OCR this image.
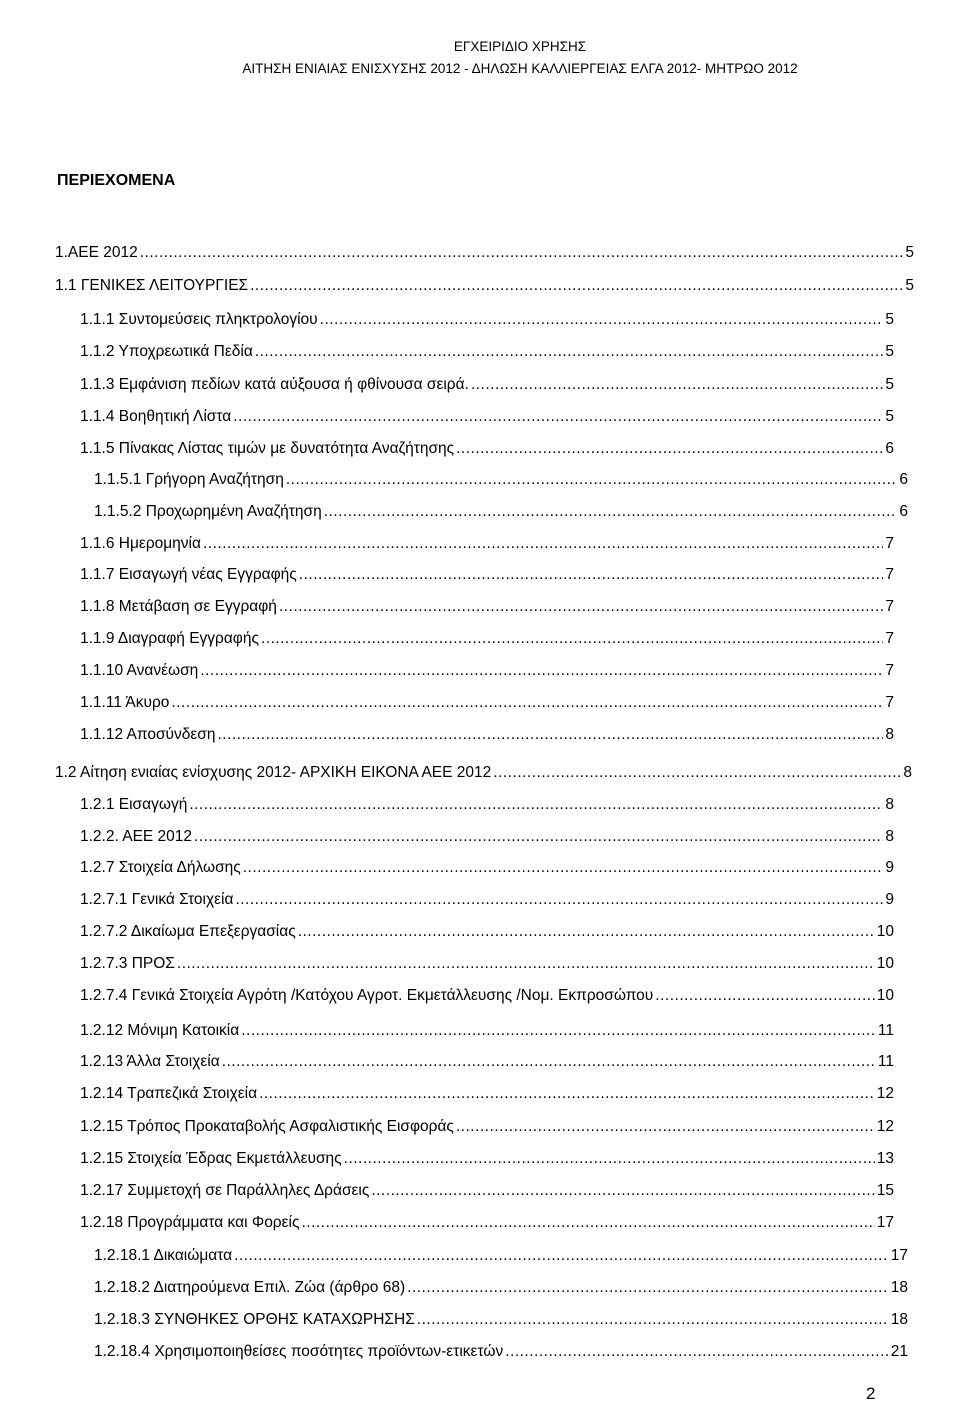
ΕΓΧΕΙΡΙΔΙΟ ΧΡΗΣΗΣ
ΑΙΤΗΣΗ ΕΝΙΑΙΑΣ ΕΝΙΣΧΥΣΗΣ 2012 - ΔΗΛΩΣΗ ΚΑΛΛΙΕΡΓΕΙΑΣ ΕΛΓΑ 2012- ΜΗΤΡΩΟ 2012
ΠΕΡΙΕΧΟΜΕΝΑ
1.ΑΕΕ 2012 .....	5
1.1 ΓΕΝΙΚΕΣ ΛΕΙΤΟΥΡΓΙΕΣ .....	5
1.1.1 Συντομεύσεις πληκτρολογίου .....	5
1.1.2 Υποχρεωτικά Πεδία .....	5
1.1.3 Εμφάνιση πεδίων κατά αύξουσα ή φθίνουσα σειρά. .....	5
1.1.4 Βοηθητική Λίστα .....	5
1.1.5 Πίνακας Λίστας τιμών με δυνατότητα Αναζήτησης .....	6
1.1.5.1 Γρήγορη Αναζήτηση .....	6
1.1.5.2 Προχωρημένη Αναζήτηση .....	6
1.1.6 Ημερομηνία .....	7
1.1.7 Εισαγωγή νέας Εγγραφής .....	7
1.1.8 Μετάβαση σε Εγγραφή .....	7
1.1.9 Διαγραφή Εγγραφής .....	7
1.1.10 Ανανέωση .....	7
1.1.11 Άκυρο .....	7
1.1.12 Αποσύνδεση .....	8
1.2 Αίτηση ενιαίας ενίσχυσης 2012- ΑΡΧΙΚΗ ΕΙΚΟΝΑ ΑΕΕ 2012 .....	8
1.2.1 Εισαγωγή .....	8
1.2.2. ΑΕΕ 2012 .....	8
1.2.7 Στοιχεία Δήλωσης .....	9
1.2.7.1 Γενικά Στοιχεία .....	9
1.2.7.2 Δικαίωμα Επεξεργασίας .....	10
1.2.7.3 ΠΡΟΣ .....	10
1.2.7.4 Γενικά Στοιχεία Αγρότη /Κατόχου Αγροτ. Εκμετάλλευσης /Νομ. Εκπροσώπου .....	10
1.2.12 Μόνιμη Κατοικία .....	11
1.2.13 Άλλα Στοιχεία .....	11
1.2.14 Τραπεζικά Στοιχεία .....	12
1.2.15 Τρόπος Προκαταβολής Ασφαλιστικής Εισφοράς .....	12
1.2.15 Στοιχεία Έδρας Εκμετάλλευσης .....	13
1.2.17 Συμμετοχή σε Παράλληλες Δράσεις .....	15
1.2.18 Προγράμματα και Φορείς .....	17
1.2.18.1 Δικαιώματα .....	17
1.2.18.2 Διατηρούμενα Επιλ. Ζώα (άρθρο 68) .....	18
1.2.18.3 ΣΥΝΘΗΚΕΣ ΟΡΘΗΣ ΚΑΤΑΧΩΡΗΣΗΣ .....	18
1.2.18.4 Χρησιμοποιηθείσες ποσότητες προϊόντων-ετικετών .....	21
2
